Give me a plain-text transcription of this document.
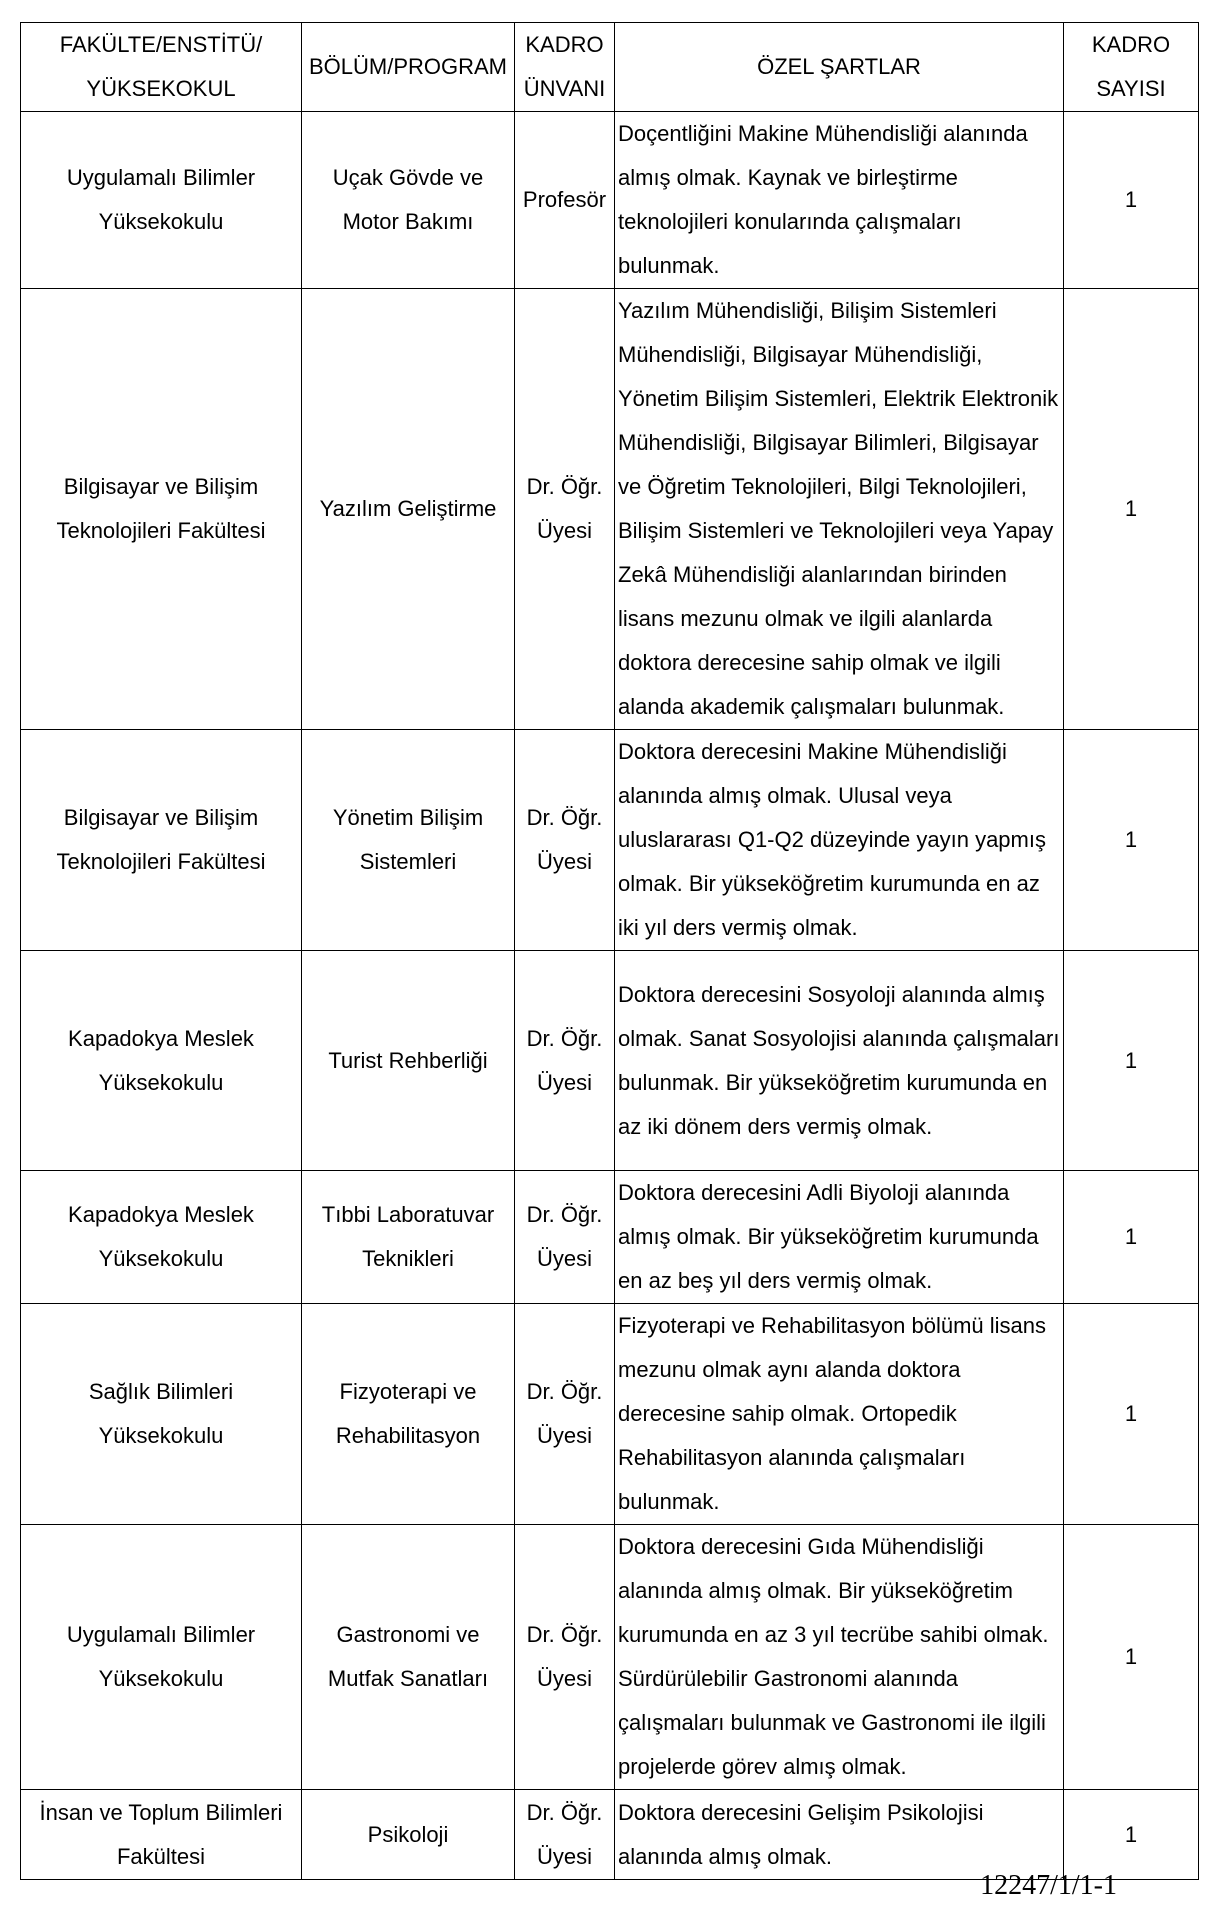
FAKÜLTE/ENSTİTÜ/ YÜKSEKOKUL	BÖLÜM/PROGRAM	KADRO ÜNVANI	ÖZEL ŞARTLAR	KADRO SAYISI
Uygulamalı Bilimler Yüksekokulu	Uçak Gövde ve Motor Bakımı	Profesör	Doçentliğini Makine Mühendisliği alanında almış olmak. Kaynak ve birleştirme teknolojileri konularında çalışmaları bulunmak.	1
Bilgisayar ve Bilişim Teknolojileri Fakültesi	Yazılım Geliştirme	Dr. Öğr. Üyesi	Yazılım Mühendisliği, Bilişim Sistemleri Mühendisliği, Bilgisayar Mühendisliği, Yönetim Bilişim Sistemleri, Elektrik Elektronik Mühendisliği, Bilgisayar Bilimleri, Bilgisayar ve Öğretim Teknolojileri, Bilgi Teknolojileri, Bilişim Sistemleri ve Teknolojileri veya Yapay Zekâ Mühendisliği alanlarından birinden lisans mezunu olmak ve ilgili alanlarda doktora derecesine sahip olmak ve ilgili alanda akademik çalışmaları bulunmak.	1
Bilgisayar ve Bilişim Teknolojileri Fakültesi	Yönetim Bilişim Sistemleri	Dr. Öğr. Üyesi	Doktora derecesini Makine Mühendisliği alanında almış olmak. Ulusal veya uluslararası Q1-Q2 düzeyinde yayın yapmış olmak. Bir yükseköğretim kurumunda en az iki yıl ders vermiş olmak.	1
Kapadokya Meslek Yüksekokulu	Turist Rehberliği	Dr. Öğr. Üyesi	Doktora derecesini Sosyoloji alanında almış olmak. Sanat Sosyolojisi alanında çalışmaları bulunmak. Bir yükseköğretim kurumunda en az iki dönem ders vermiş olmak.	1
Kapadokya Meslek Yüksekokulu	Tıbbi Laboratuvar Teknikleri	Dr. Öğr. Üyesi	Doktora derecesini Adli Biyoloji alanında almış olmak. Bir yükseköğretim kurumunda en az beş yıl ders vermiş olmak.	1
Sağlık Bilimleri Yüksekokulu	Fizyoterapi ve Rehabilitasyon	Dr. Öğr. Üyesi	Fizyoterapi ve Rehabilitasyon bölümü lisans mezunu olmak aynı alanda doktora derecesine sahip olmak. Ortopedik Rehabilitasyon alanında çalışmaları bulunmak.	1
Uygulamalı Bilimler Yüksekokulu	Gastronomi ve Mutfak Sanatları	Dr. Öğr. Üyesi	Doktora derecesini Gıda Mühendisliği alanında almış olmak. Bir yükseköğretim kurumunda en az 3 yıl tecrübe sahibi olmak. Sürdürülebilir Gastronomi alanında çalışmaları bulunmak ve Gastronomi ile ilgili projelerde görev almış olmak.	1
İnsan ve Toplum Bilimleri Fakültesi	Psikoloji	Dr. Öğr. Üyesi	Doktora derecesini Gelişim Psikolojisi alanında almış olmak.	1
12247/1/1-1
